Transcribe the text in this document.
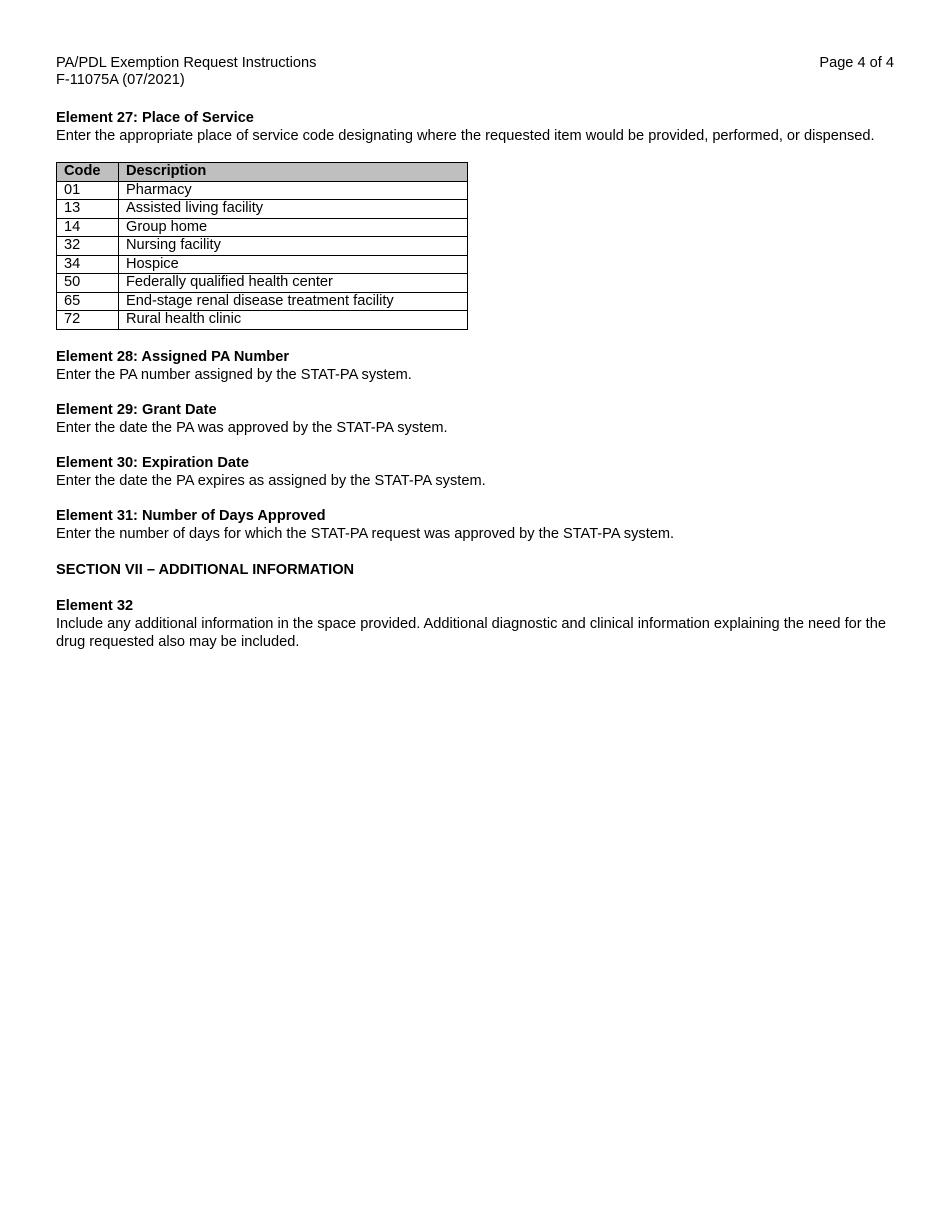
PA/PDL Exemption Request Instructions
F-11075A (07/2021)
Page 4 of 4
Element 27: Place of Service

Enter the appropriate place of service code designating where the requested item would be provided, performed, or dispensed.

Code	Description
01	Pharmacy
13	Assisted living facility
14	Group home
32	Nursing facility
34	Hospice
50	Federally qualified health center
65	End-stage renal disease treatment facility
72	Rural health clinic
Element 28: Assigned PA Number

Enter the PA number assigned by the STAT-PA system.

Element 29: Grant Date

Enter the date the PA was approved by the STAT-PA system.

Element 30: Expiration Date

Enter the date the PA expires as assigned by the STAT-PA system.

Element 31: Number of Days Approved

Enter the number of days for which the STAT-PA request was approved by the STAT-PA system.

SECTION VII – ADDITIONAL INFORMATION
Element 32

Include any additional information in the space provided. Additional diagnostic and clinical information explaining the need for the drug requested also may be included.
